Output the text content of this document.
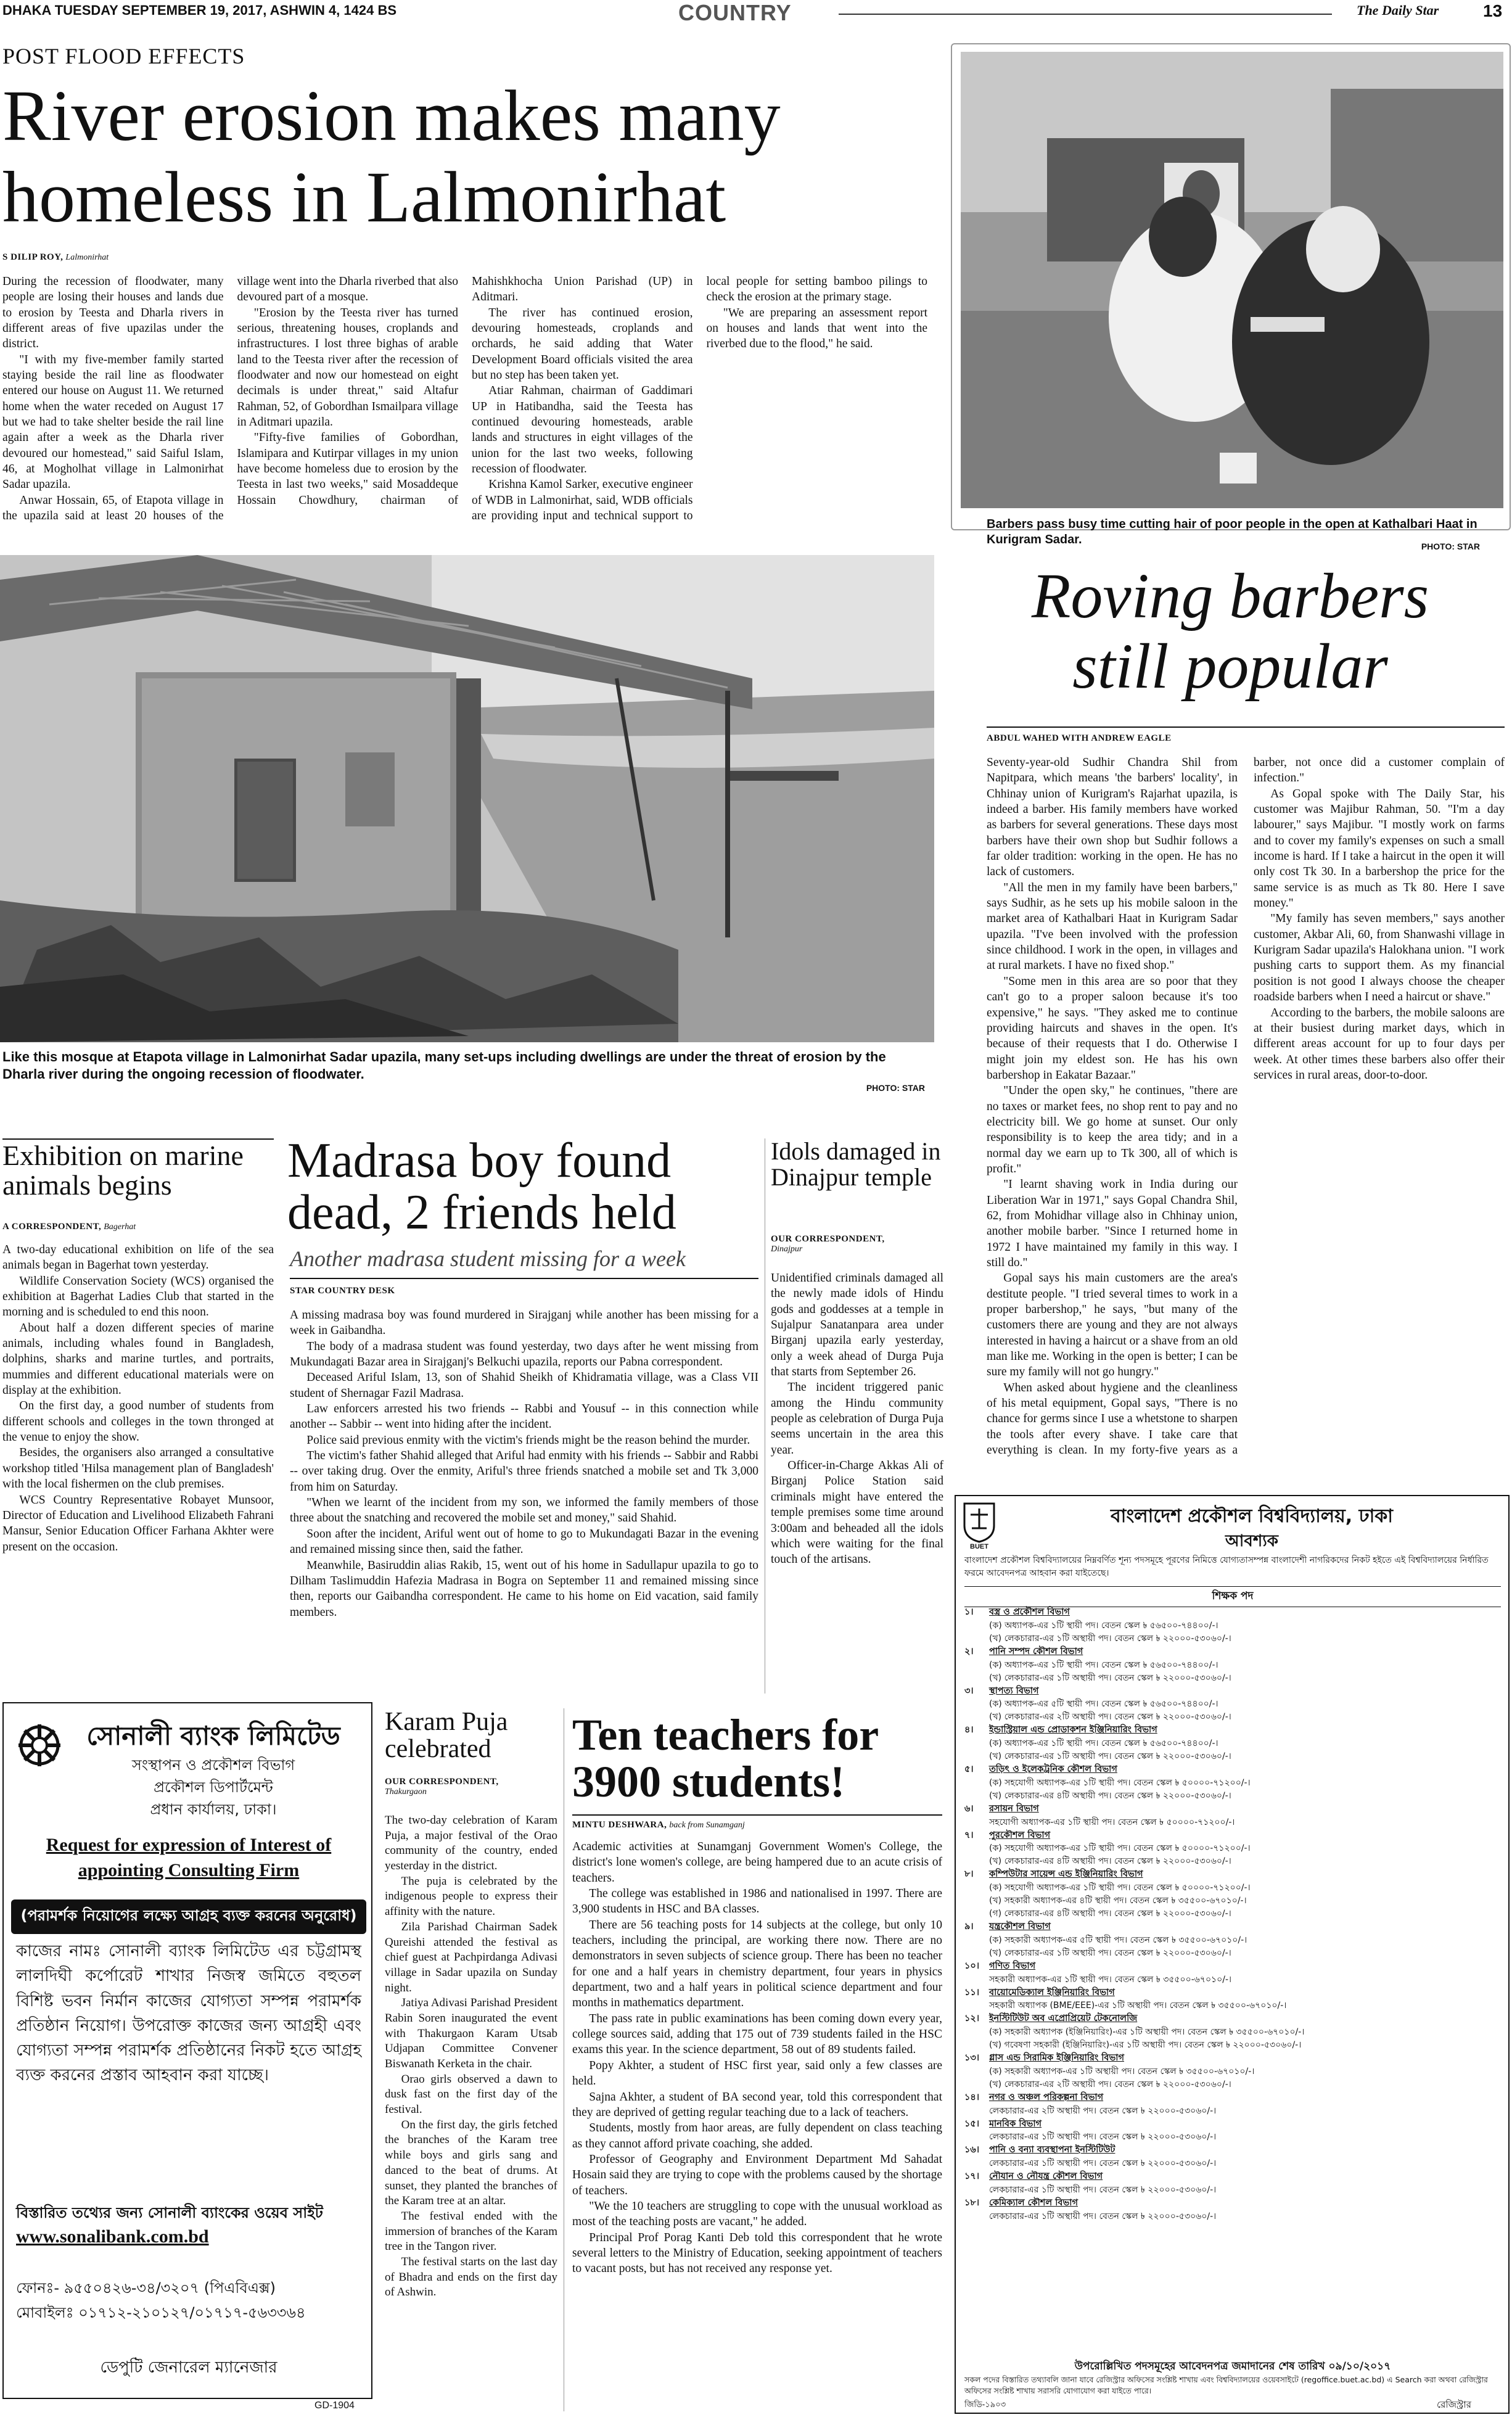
DHAKA TUESDAY SEPTEMBER 19, 2017, ASHWIN 4, 1424 BS	COUNTRY	The Daily Star	13
POST FLOOD EFFECTS
River erosion makes many homeless in Lalmonirhat
S DILIP ROY, Lalmonirhat

During the recession of floodwater, many people are losing their houses and lands due to erosion by Teesta and Dharla rivers in different areas of five upazilas under the district.

"I with my five-member family started staying beside the rail line as floodwater entered our house on August 11. We returned home when the water receded on August 17 but we had to take shelter beside the rail line again after a week as the Dharla river devoured our homestead," said Saiful Islam, 46, at Mogholhat village in Lalmonirhat Sadar upazila.

Anwar Hossain, 65, of Etapota village in the upazila said at least 20 houses of the village went into the Dharla riverbed that also devoured part of a mosque.

"Erosion by the Teesta river has turned serious, threatening houses, croplands and infrastructures. I lost three bighas of arable land to the Teesta river after the recession of floodwater and now our homestead on eight decimals is under threat," said Altafur Rahman, 52, of Gobordhan Ismailpara village in Aditmari upazila.

"Fifty-five families of Gobordhan, Islamipara and Kutirpar villages in my union have become homeless due to erosion by the Teesta in last two weeks," said Mosaddeque Hossain Chowdhury, chairman of Mahishkhocha Union Parishad (UP) in Aditmari.

The river has continued erosion, devouring homesteads, croplands and orchards, he said adding that Water Development Board officials visited the area but no step has been taken yet.

Atiar Rahman, chairman of Gaddimari UP in Hatibandha, said the Teesta has continued devouring homesteads, arable lands and structures in eight villages of the union for the last two weeks, following recession of floodwater.

Krishna Kamol Sarker, executive engineer of WDB in Lalmonirhat, said, WDB officials are providing input and technical support to local people for setting bamboo pilings to check the erosion at the primary stage.

"We are preparing an assessment report on houses and lands that went into the riverbed due to the flood," he said.

Like this mosque at Etapota village in Lalmonirhat Sadar upazila, many set-ups including dwellings are under the threat of erosion by the Dharla river during the ongoing recession of floodwater.
PHOTO: STAR
Barbers pass busy time cutting hair of poor people in the open at Kathalbari Haat in Kurigram Sadar.	PHOTO: STAR
Roving barbers still popular
ABDUL WAHED WITH ANDREW EAGLE

Seventy-year-old Sudhir Chandra Shil from Napitpara, which means 'the barbers' locality', in Chhinay union of Kurigram's Rajarhat upazila, is indeed a barber. His family members have worked as barbers for several generations. These days most barbers have their own shop but Sudhir follows a far older tradition: working in the open. He has no lack of customers.

"All the men in my family have been barbers," says Sudhir, as he sets up his mobile saloon in the market area of Kathalbari Haat in Kurigram Sadar upazila. "I've been involved with the profession since childhood. I work in the open, in villages and at rural markets. I have no fixed shop."

"Some men in this area are so poor that they can't go to a proper saloon because it's too expensive," he says. "They asked me to continue providing haircuts and shaves in the open. It's because of their requests that I do. Otherwise I might join my eldest son. He has his own barbershop in Eakatar Bazaar."

"Under the open sky," he continues, "there are no taxes or market fees, no shop rent to pay and no electricity bill. We go home at sunset. Our only responsibility is to keep the area tidy; and in a normal day we earn up to Tk 300, all of which is profit."

"I learnt shaving work in India during our Liberation War in 1971," says Gopal Chandra Shil, 62, from Mohidhar village also in Chhinay union, another mobile barber. "Since I returned home in 1972 I have maintained my family in this way. I still do."

Gopal says his main customers are the area's destitute people. "I tried several times to work in a proper barbershop," he says, "but many of the customers there are young and they are not always interested in having a haircut or a shave from an old man like me. Working in the open is better; I can be sure my family will not go hungry."

When asked about hygiene and the cleanliness of his metal equipment, Gopal says, "There is no chance for germs since I use a whetstone to sharpen the tools after every shave. I take care that everything is clean. In my forty-five years as a barber, not once did a customer complain of infection."

As Gopal spoke with The Daily Star, his customer was Majibur Rahman, 50. "I'm a day labourer," says Majibur. "I mostly work on farms and to cover my family's expenses on such a small income is hard. If I take a haircut in the open it will only cost Tk 30. In a barbershop the price for the same service is as much as Tk 80. Here I save money."

"My family has seven members," says another customer, Akbar Ali, 60, from Shanwashi village in Kurigram Sadar upazila's Halokhana union. "I work pushing carts to support them. As my financial position is not good I always choose the cheaper roadside barbers when I need a haircut or shave."

According to the barbers, the mobile saloons are at their busiest during market days, which in different areas account for up to four days per week. At other times these barbers also offer their services in rural areas, door-to-door.

Exhibition on marine animals begins
A CORRESPONDENT, Bagerhat

A two-day educational exhibition on life of the sea animals began in Bagerhat town yesterday.

Wildlife Conservation Society (WCS) organised the exhibition at Bagerhat Ladies Club that started in the morning and is scheduled to end this noon.

About half a dozen different species of marine animals, including whales found in Bangladesh, dolphins, sharks and marine turtles, and portraits, mummies and different educational materials were on display at the exhibition.

On the first day, a good number of students from different schools and colleges in the town thronged at the venue to enjoy the show.

Besides, the organisers also arranged a consultative workshop titled 'Hilsa management plan of Bangladesh' with the local fishermen on the club premises.

WCS Country Representative Robayet Munsoor, Director of Education and Livelihood Elizabeth Fahrani Mansur, Senior Education Officer Farhana Akhter were present on the occasion.

Madrasa boy found dead, 2 friends held
Another madrasa student missing for a week
STAR COUNTRY DESK

A missing madrasa boy was found murdered in Sirajganj while another has been missing for a week in Gaibandha.

The body of a madrasa student was found yesterday, two days after he went missing from Mukundagati Bazar area in Sirajganj's Belkuchi upazila, reports our Pabna correspondent.

Deceased Ariful Islam, 13, son of Shahid Sheikh of Khidramatia village, was a Class VII student of Shernagar Fazil Madrasa.

Law enforcers arrested his two friends -- Rabbi and Yousuf -- in this connection while another -- Sabbir -- went into hiding after the incident.

Police said previous enmity with the victim's friends might be the reason behind the murder.

The victim's father Shahid alleged that Ariful had enmity with his friends -- Sabbir and Rabbi -- over taking drug. Over the enmity, Ariful's three friends snatched a mobile set and Tk 3,000 from him on Saturday.

"When we learnt of the incident from my son, we informed the family members of those three about the snatching and recovered the mobile set and money," said Shahid.

Soon after the incident, Ariful went out of home to go to Mukundagati Bazar in the evening and remained missing since then, said the father.

Meanwhile, Basiruddin alias Rakib, 15, went out of his home in Sadullapur upazila to go to Dilham Taslimuddin Hafezia Madrasa in Bogra on September 11 and remained missing since then, reports our Gaibandha correspondent. He came to his home on Eid vacation, said family members.

Idols damaged in Dinajpur temple
OUR CORRESPONDENT,
Dinajpur

Unidentified criminals damaged all the newly made idols of Hindu gods and goddesses at a temple in Sujalpur Sanatanpara area under Birganj upazila early yesterday, only a week ahead of Durga Puja that starts from September 26.

The incident triggered panic among the Hindu community people as celebration of Durga Puja seems uncertain in the area this year.

Officer-in-Charge Akkas Ali of Birganj Police Station said criminals might have entered the temple premises some time around 3:00am and beheaded all the idols which were waiting for the final touch of the artisans.

সোনালী ব্যাংক লিমিটেড
সংস্থাপন ও প্রকৌশল বিভাগ
প্রকৌশল ডিপার্টমেন্ট
প্রধান কার্যালয়, ঢাকা।
Request for expression of Interest of appointing Consulting Firm
(পরামর্শক নিয়োগের লক্ষ্যে আগ্রহ ব্যক্ত করনের অনুরোধ)
কাজের নামঃ সোনালী ব্যাংক লিমিটেড এর চট্টগ্রামস্থ লালদিঘী কর্পোরেট শাখার নিজস্ব জমিতে বহুতল বিশিষ্ট ভবন নির্মান কাজের যোগ্যতা সম্পন্ন পরামর্শক প্রতিষ্ঠান নিয়োগ। উপরোক্ত কাজের জন্য আগ্রহী এবং যোগ্যতা সম্পন্ন পরামর্শক প্রতিষ্ঠানের নিকট হতে আগ্রহ ব্যক্ত করনের প্রস্তাব আহবান করা যাচ্ছে।
বিস্তারিত তথ্যের জন্য সোনালী ব্যাংকের ওয়েব সাইট
www.sonalibank.com.bd
ফোনঃ- ৯৫৫০৪২৬-৩৪/৩২০৭ (পিএবিএক্স)
মোবাইলঃ ০১৭১২-২১০১২৭/০১৭১৭-৫৬৩৩৬৪
ডেপুটি জেনারেল ম্যানেজার
GD-1904
Karam Puja celebrated
OUR CORRESPONDENT,
Thakurgaon

The two-day celebration of Karam Puja, a major festival of the Orao community of the country, ended yesterday in the district.

The puja is celebrated by the indigenous people to express their affinity with the nature.

Zila Parishad Chairman Sadek Qureishi attended the festival as chief guest at Pachpirdanga Adivasi village in Sadar upazila on Sunday night.

Jatiya Adivasi Parishad President Rabin Soren inaugurated the event with Thakurgaon Karam Utsab Udjapan Committee Convener Biswanath Kerketa in the chair.

Orao girls observed a dawn to dusk fast on the first day of the festival.

On the first day, the girls fetched the branches of the Karam tree while boys and girls sang and danced to the beat of drums. At sunset, they planted the branches of the Karam tree at an altar.

The festival ended with the immersion of branches of the Karam tree in the Tangon river.

The festival starts on the last day of Bhadra and ends on the first day of Ashwin.

Ten teachers for 3900 students!
MINTU DESHWARA, back from Sunamganj

Academic activities at Sunamganj Government Women's College, the district's lone women's college, are being hampered due to an acute crisis of teachers.

The college was established in 1986 and nationalised in 1997. There are 3,900 students in HSC and BA classes.

There are 56 teaching posts for 14 subjects at the college, but only 10 teachers, including the principal, are working there now. There are no demonstrators in seven subjects of science group. There has been no teacher for one and a half years in chemistry department, four years in physics department, two and a half years in political science department and four months in mathematics department.

The pass rate in public examinations has been coming down every year, college sources said, adding that 175 out of 739 students failed in the HSC exams this year. In the science department, 58 out of 89 students failed.

Popy Akhter, a student of HSC first year, said only a few classes are held.

Sajna Akhter, a student of BA second year, told this correspondent that they are deprived of getting regular teaching due to a lack of teachers.

Students, mostly from haor areas, are fully dependent on class teaching as they cannot afford private coaching, she added.

Professor of Geography and Environment Department Md Sahadat Hosain said they are trying to cope with the problems caused by the shortage of teachers.

"We the 10 teachers are struggling to cope with the unusual workload as most of the teaching posts are vacant," he added.

Principal Prof Porag Kanti Deb told this correspondent that he wrote several letters to the Ministry of Education, seeking appointment of teachers to vacant posts, but has not received any response yet.

BUET
বাংলাদেশ প্রকৌশল বিশ্ববিদ্যালয়, ঢাকা
আবশ্যক
বাংলাদেশ প্রকৌশল বিশ্ববিদ্যালয়ের নিম্নবর্ণিত শূন্য পদসমূহে পূরণের নিমিত্তে যোগ্যতাসম্পন্ন বাংলাদেশী নাগরিকদের নিকট হইতে এই বিশ্ববিদ্যালয়ের নির্ধারিত ফরমে আবেদনপত্র আহবান করা যাইতেছে।
শিক্ষক পদ
১। বস্ত্র ও প্রকৌশল বিভাগ
(ক) অধ্যাপক-এর ১টি স্থায়ী পদ। বেতন স্কেল ৳ ৫৬৫০০-৭৪৪০০/-।
(খ) লেকচারার-এর ১টি অস্থায়ী পদ। বেতন স্কেল ৳ ২২০০০-৫৩০৬০/-।
২। পানি সম্পদ কৌশল বিভাগ
(ক) অধ্যাপক-এর ১টি স্থায়ী পদ। বেতন স্কেল ৳ ৫৬৫০০-৭৪৪০০/-।
(খ) লেকচারার-এর ১টি অস্থায়ী পদ। বেতন স্কেল ৳ ২২০০০-৫৩০৬০/-।
৩। স্থাপত্য বিভাগ
(ক) অধ্যাপক-এর ৫টি স্থায়ী পদ। বেতন স্কেল ৳ ৫৬৫০০-৭৪৪০০/-।
(খ) লেকচারার-এর ২টি অস্থায়ী পদ। বেতন স্কেল ৳ ২২০০০-৫৩০৬০/-।
৪। ইন্ডাস্ট্রিয়াল এন্ড প্রোডাকশন ইঞ্জিনিয়ারিং বিভাগ
(ক) অধ্যাপক-এর ১টি স্থায়ী পদ। বেতন স্কেল ৳ ৫৬৫০০-৭৪৪০০/-।
(খ) লেকচারার-এর ১টি অস্থায়ী পদ। বেতন স্কেল ৳ ২২০০০-৫৩০৬০/-।
৫। তড়িৎ ও ইলেকট্রনিক কৌশল বিভাগ
(ক) সহযোগী অধ্যাপক-এর ১টি স্থায়ী পদ। বেতন স্কেল ৳ ৫০০০০-৭১২০০/-।
(খ) লেকচারার-এর ৪টি অস্থায়ী পদ। বেতন স্কেল ৳ ২২০০০-৫৩০৬০/-।
৬। রসায়ন বিভাগ
সহযোগী অধ্যাপক-এর ১টি স্থায়ী পদ। বেতন স্কেল ৳ ৫০০০০-৭১২০০/-।
৭। পুরকৌশল বিভাগ
(ক) সহযোগী অধ্যাপক-এর ১টি স্থায়ী পদ। বেতন স্কেল ৳ ৫০০০০-৭১২০০/-।
(খ) লেকচারার-এর ৪টি অস্থায়ী পদ। বেতন স্কেল ৳ ২২০০০-৫৩০৬০/-।
৮। কম্পিউটার সায়েন্স এন্ড ইঞ্জিনিয়ারিং বিভাগ
(ক) সহযোগী অধ্যাপক-এর ১টি স্থায়ী পদ। বেতন স্কেল ৳ ৫০০০০-৭১২০০/-।
(খ) সহকারী অধ্যাপক-এর ৪টি স্থায়ী পদ। বেতন স্কেল ৳ ৩৫৫০০-৬৭০১০/-।
(গ) লেকচারার-এর ৪টি অস্থায়ী পদ। বেতন স্কেল ৳ ২২০০০-৫৩০৬০/-।
৯। যন্ত্রকৌশল বিভাগ
(ক) সহকারী অধ্যাপক-এর ৫টি স্থায়ী পদ। বেতন স্কেল ৳ ৩৫৫০০-৬৭০১০/-।
(খ) লেকচারার-এর ১টি অস্থায়ী পদ। বেতন স্কেল ৳ ২২০০০-৫৩০৬০/-।
১০। গণিত বিভাগ
সহকারী অধ্যাপক-এর ১টি স্থায়ী পদ। বেতন স্কেল ৳ ৩৫৫০০-৬৭০১০/-।
১১। বায়োমেডিক্যাল ইঞ্জিনিয়ারিং বিভাগ
সহকারী অধ্যাপক (BME/EEE)-এর ১টি অস্থায়ী পদ। বেতন স্কেল ৳ ৩৫৫০০-৬৭০১০/-।
১২। ইনস্টিটিউট অব এপ্রোপ্রিয়েট টেকনোলজি
(ক) সহকারী অধ্যাপক (ইঞ্জিনিয়ারিং)-এর ১টি অস্থায়ী পদ। বেতন স্কেল ৳ ৩৫৫০০-৬৭০১০/-।
(খ) গবেষণা সহকারী (ইঞ্জিনিয়ারিং)-এর ১টি অস্থায়ী পদ। বেতন স্কেল ৳ ২২০০০-৫৩০৬০/-।
১৩। গ্লাস এন্ড সিরামিক ইঞ্জিনিয়ারিং বিভাগ
(ক) সহকারী অধ্যাপক-এর ১টি অস্থায়ী পদ। বেতন স্কেল ৳ ৩৫৫০০-৬৭০১০/-।
(খ) লেকচারার-এর ২টি অস্থায়ী পদ। বেতন স্কেল ৳ ২২০০০-৫৩০৬০/-।
১৪। নগর ও অঞ্চল পরিকল্পনা বিভাগ
লেকচারার-এর ২টি অস্থায়ী পদ। বেতন স্কেল ৳ ২২০০০-৫৩০৬০/-।
১৫। মানবিক বিভাগ
লেকচারার-এর ১টি অস্থায়ী পদ। বেতন স্কেল ৳ ২২০০০-৫৩০৬০/-।
১৬। পানি ও বন্যা ব্যবস্থাপনা ইনস্টিটিউট
লেকচারার-এর ১টি অস্থায়ী পদ। বেতন স্কেল ৳ ২২০০০-৫৩০৬০/-।
১৭। নৌযান ও নৌযন্ত্র কৌশল বিভাগ
লেকচারার-এর ১টি অস্থায়ী পদ। বেতন স্কেল ৳ ২২০০০-৫৩০৬০/-।
১৮। কেমিক্যাল কৌশল বিভাগ
লেকচারার-এর ১টি অস্থায়ী পদ। বেতন স্কেল ৳ ২২০০০-৫৩০৬০/-।
উপরোল্লিখিত পদসমূহের আবেদনপত্র জমাদানের শেষ তারিখ ০৯/১০/২০১৭
সকল পদের বিস্তারিত তথ্যাবলি জানা যাবে রেজিস্ট্রার অফিসের সংশ্লিষ্ট শাখায় এবং বিশ্ববিদ্যালয়ের ওয়েবসাইটে (regoffice.buet.ac.bd) এ Search করা অথবা রেজিস্ট্রার অফিসের সংশ্লিষ্ট শাখায় সরাসরি যোগাযোগ করা যাইতে পারে।
জিডি-১৯০৩	রেজিস্ট্রার
